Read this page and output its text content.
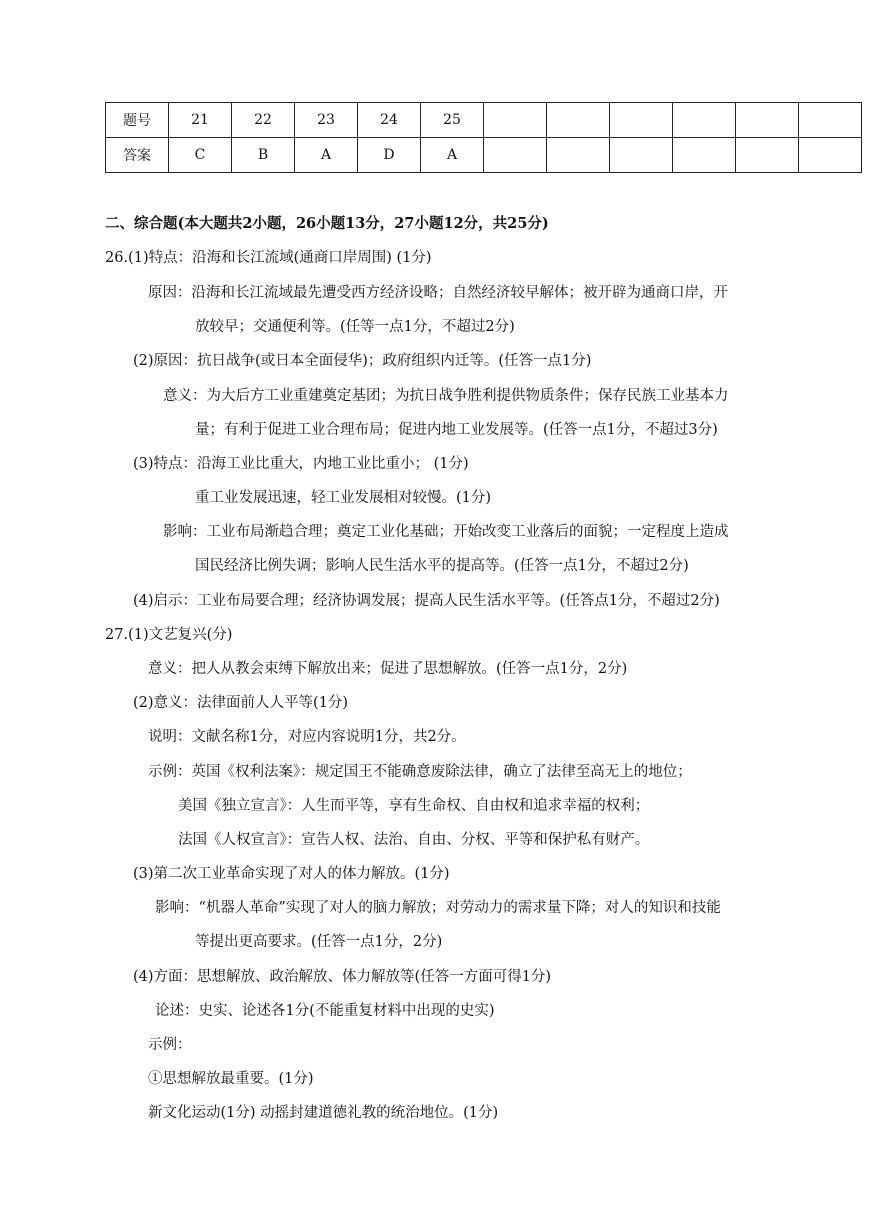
题号	21	22	23	24	25						
答案	C	B	A	D	A						
二、综合题(本大题共2小题，26小题13分，27小题12分，共25分)
26.(1)特点：沿海和长江流域(通商口岸周围) (1分)
原因：沿海和长江流域最先遭受西方经济设略；自然经济较早解体；被开辟为通商口岸，开
放较早；交通便利等。(任等一点1分，不超过2分)
(2)原因：抗日战争(或日本全面侵华)；政府组织内迁等。(任答一点1分)
意义：为大后方工业重建奠定基团；为抗日战争胜利提供物质条件；保存民族工业基本力
量；有利于促进工业合理布局；促进内地工业发展等。(任答一点1分，不超过3分)
(3)特点：沿海工业比重大，内地工业比重小； (1分)
重工业发展迅速，轻工业发展相对较慢。(1分)
影响：工业布局渐趋合理；奠定工业化基础；开始改变工业落后的面貌；一定程度上造成
国民经济比例失调；影响人民生活水平的提高等。(任答一点1分，不超过2分)
(4)启示：工业布局要合理；经济协调发展；提高人民生活水平等。(任答点1分，不超过2分)
27.(1)文艺复兴(分)
意义：把人从教会束缚下解放出来；促进了思想解放。(任答一点1分，2分)
(2)意义：法律面前人人平等(1分)
说明：文献名称1分，对应内容说明1分，共2分。
示例：英国《权利法案》：规定国王不能确意废除法律，确立了法律至高无上的地位；
美国《独立宣言》：人生而平等，享有生命权、自由权和追求幸福的权利；
法国《人权宣言》：宣告人权、法治、自由、分权、平等和保护私有财产。
(3)第二次工业革命实现了对人的体力解放。(1分)
影响：“机器人革命”实现了对人的脑力解放；对劳动力的需求量下降；对人的知识和技能
等提出更高要求。(任答一点1分，2分)
(4)方面：思想解放、政治解放、体力解放等(任答一方面可得1分)
论述：史实、论述各1分(不能重复材料中出现的史实)
示例：
①思想解放最重要。(1分)
新文化运动(1分) 动摇封建道德礼教的统治地位。(1分)
